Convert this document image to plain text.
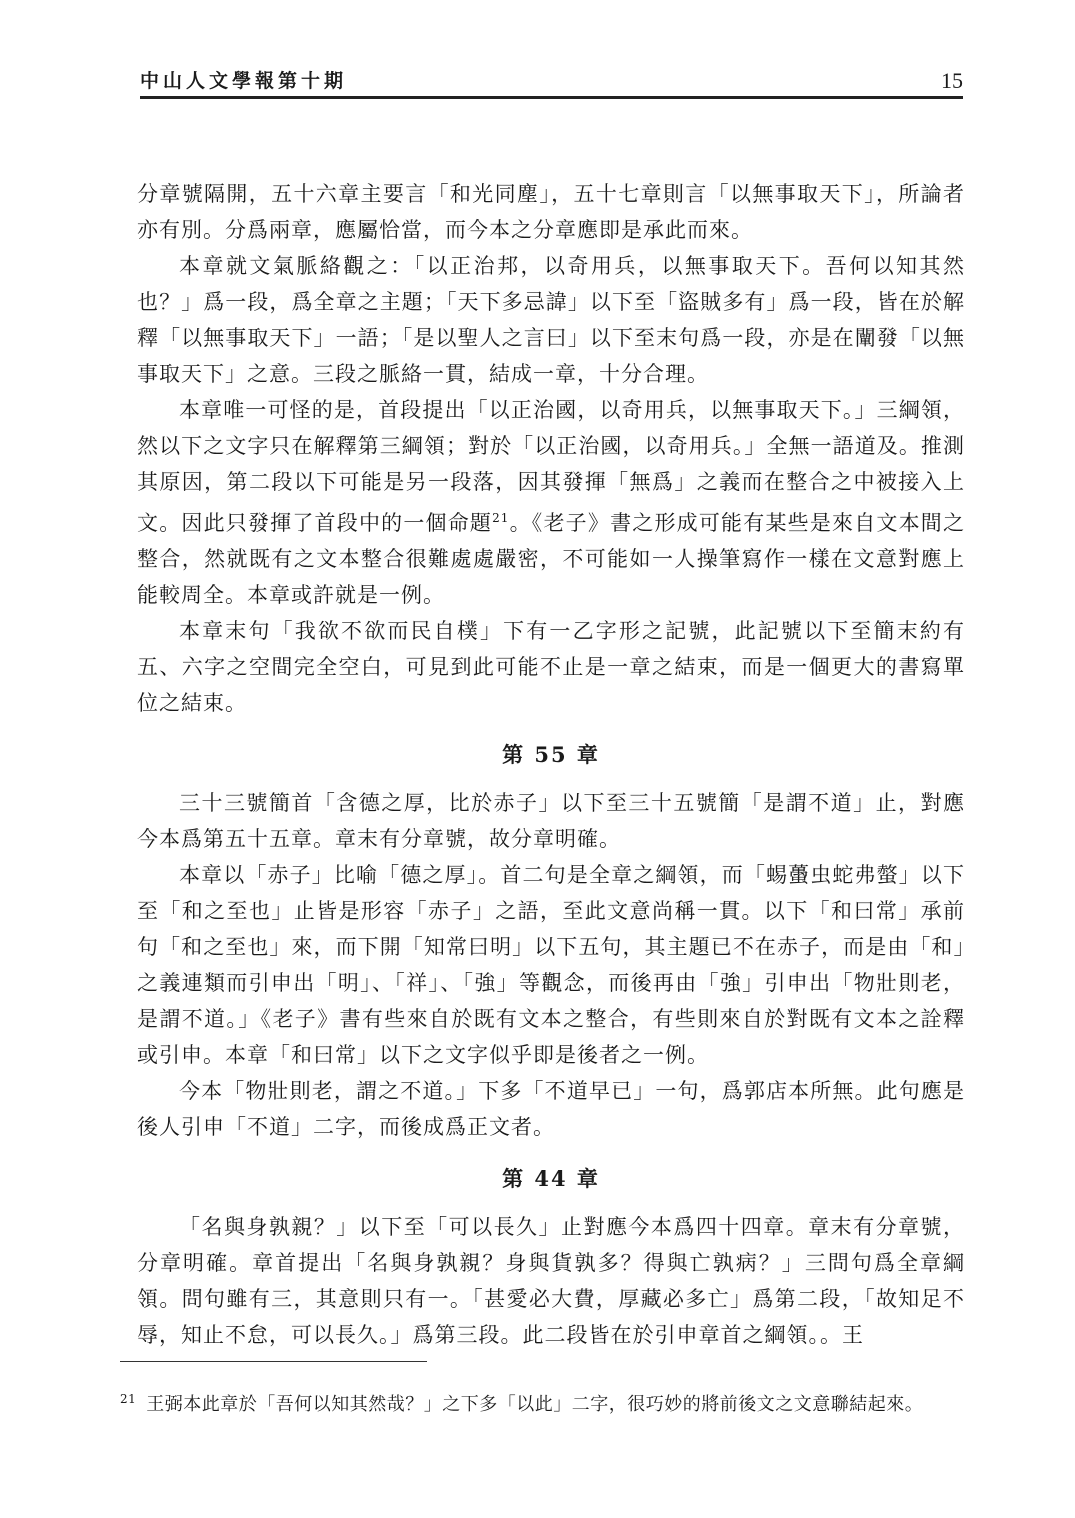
中山人文學報第十期	15

分章號隔開，五十六章主要言「和光同塵」，五十七章則言「以無事取天下」，所論者亦有別。分爲兩章，應屬恰當，而今本之分章應即是承此而來。

本章就文氣脈絡觀之：「以正治邦，以奇用兵，以無事取天下。吾何以知其然也？」爲一段，爲全章之主題；「天下多忌諱」以下至「盜賊多有」爲一段，皆在於解釋「以無事取天下」一語；「是以聖人之言曰」以下至末句爲一段，亦是在闡發「以無事取天下」之意。三段之脈絡一貫，結成一章，十分合理。

本章唯一可怪的是，首段提出「以正治國，以奇用兵，以無事取天下。」三綱領，然以下之文字只在解釋第三綱領；對於「以正治國，以奇用兵。」全無一語道及。推測其原因，第二段以下可能是另一段落，因其發揮「無爲」之義而在整合之中被接入上文。因此只發揮了首段中的一個命題$^{21}$。《老子》書之形成可能有某些是來自文本間之整合，然就既有之文本整合很難處處嚴密，不可能如一人操筆寫作一樣在文意對應上能較周全。本章或許就是一例。

本章末句「我欲不欲而民自樸」下有一乙字形之記號，此記號以下至簡末約有五、六字之空間完全空白，可見到此可能不止是一章之結束，而是一個更大的書寫單位之結束。

第 55 章

三十三號簡首「含德之厚，比於赤子」以下至三十五號簡「是謂不道」止，對應今本爲第五十五章。章末有分章號，故分章明確。

本章以「赤子」比喻「德之厚」。首二句是全章之綱領，而「蜴蠆虫蛇弗螫」以下至「和之至也」止皆是形容「赤子」之語，至此文意尚稱一貫。以下「和曰常」承前句「和之至也」來，而下開「知常曰明」以下五句，其主題已不在赤子，而是由「和」之義連類而引申出「明」、「祥」、「強」等觀念，而後再由「強」引申出「物壯則老，是謂不道。」《老子》書有些來自於既有文本之整合，有些則來自於對既有文本之詮釋或引申。本章「和曰常」以下之文字似乎即是後者之一例。

今本「物壯則老，謂之不道。」下多「不道早已」一句，爲郭店本所無。此句應是後人引申「不道」二字，而後成爲正文者。

第 44 章

「名與身孰親？」以下至「可以長久」止對應今本爲四十四章。章末有分章號，分章明確。章首提出「名與身孰親？身與貨孰多？得與亡孰病？」三問句爲全章綱領。問句雖有三，其意則只有一。「甚愛必大費，厚藏必多亡」爲第二段，「故知足不辱，知止不怠，可以長久。」爲第三段。此二段皆在於引申章首之綱領。。王

$^{21}$ 王弼本此章於「吾何以知其然哉？」之下多「以此」二字，很巧妙的將前後文之文意聯結起來。
